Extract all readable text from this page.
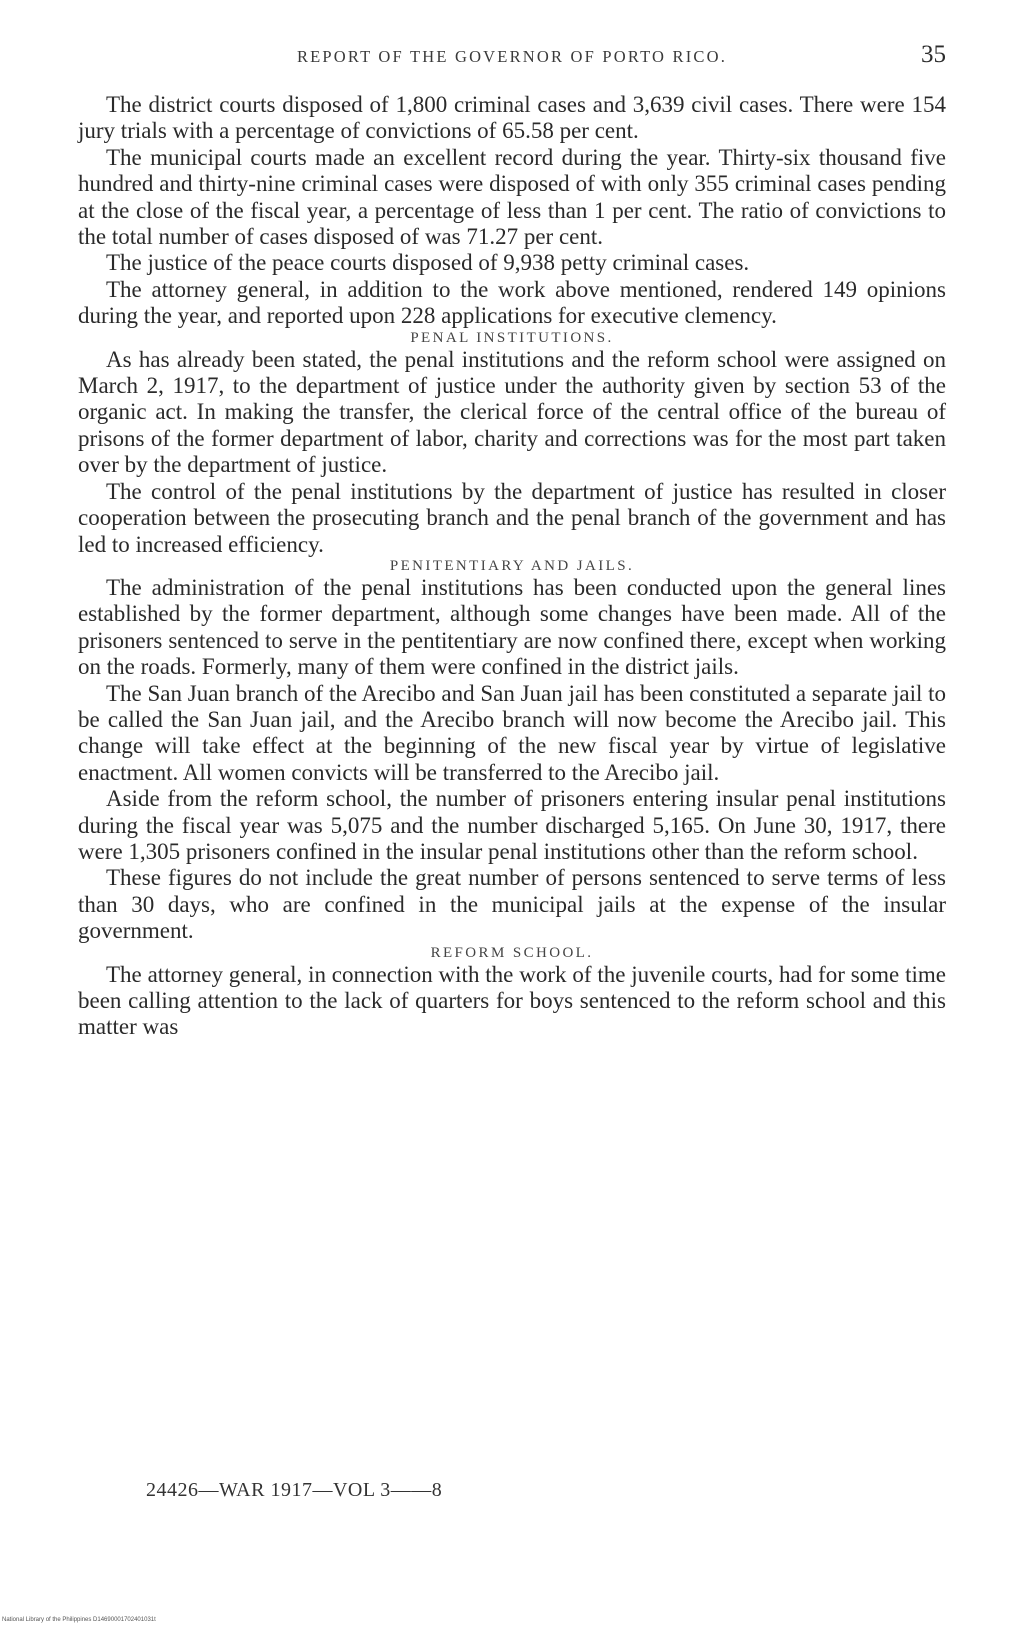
REPORT OF THE GOVERNOR OF PORTO RICO.	35

The district courts disposed of 1,800 criminal cases and 3,639 civil cases. There were 154 jury trials with a percentage of convictions of 65.58 per cent.

The municipal courts made an excellent record during the year. Thirty-six thousand five hundred and thirty-nine criminal cases were disposed of with only 355 criminal cases pending at the close of the fiscal year, a percentage of less than 1 per cent. The ratio of convictions to the total number of cases disposed of was 71.27 per cent.

The justice of the peace courts disposed of 9,938 petty criminal cases.

The attorney general, in addition to the work above mentioned, rendered 149 opinions during the year, and reported upon 228 applications for executive clemency.

PENAL INSTITUTIONS.

As has already been stated, the penal institutions and the reform school were assigned on March 2, 1917, to the department of justice under the authority given by section 53 of the organic act. In making the transfer, the clerical force of the central office of the bureau of prisons of the former department of labor, charity and corrections was for the most part taken over by the department of justice.

The control of the penal institutions by the department of justice has resulted in closer cooperation between the prosecuting branch and the penal branch of the government and has led to increased efficiency.

PENITENTIARY AND JAILS.

The administration of the penal institutions has been conducted upon the general lines established by the former department, although some changes have been made. All of the prisoners sentenced to serve in the pentitentiary are now confined there, except when working on the roads. Formerly, many of them were confined in the district jails.

The San Juan branch of the Arecibo and San Juan jail has been constituted a separate jail to be called the San Juan jail, and the Arecibo branch will now become the Arecibo jail. This change will take effect at the beginning of the new fiscal year by virtue of legislative enactment. All women convicts will be transferred to the Arecibo jail.

Aside from the reform school, the number of prisoners entering insular penal institutions during the fiscal year was 5,075 and the number discharged 5,165. On June 30, 1917, there were 1,305 prisoners confined in the insular penal institutions other than the reform school.

These figures do not include the great number of persons sentenced to serve terms of less than 30 days, who are confined in the municipal jails at the expense of the insular government.

REFORM SCHOOL.

The attorney general, in connection with the work of the juvenile courts, had for some time been calling attention to the lack of quarters for boys sentenced to the reform school and this matter was

24426—WAR 1917—VOL 3——8
National Library of the Philippines D14690001702401031t
